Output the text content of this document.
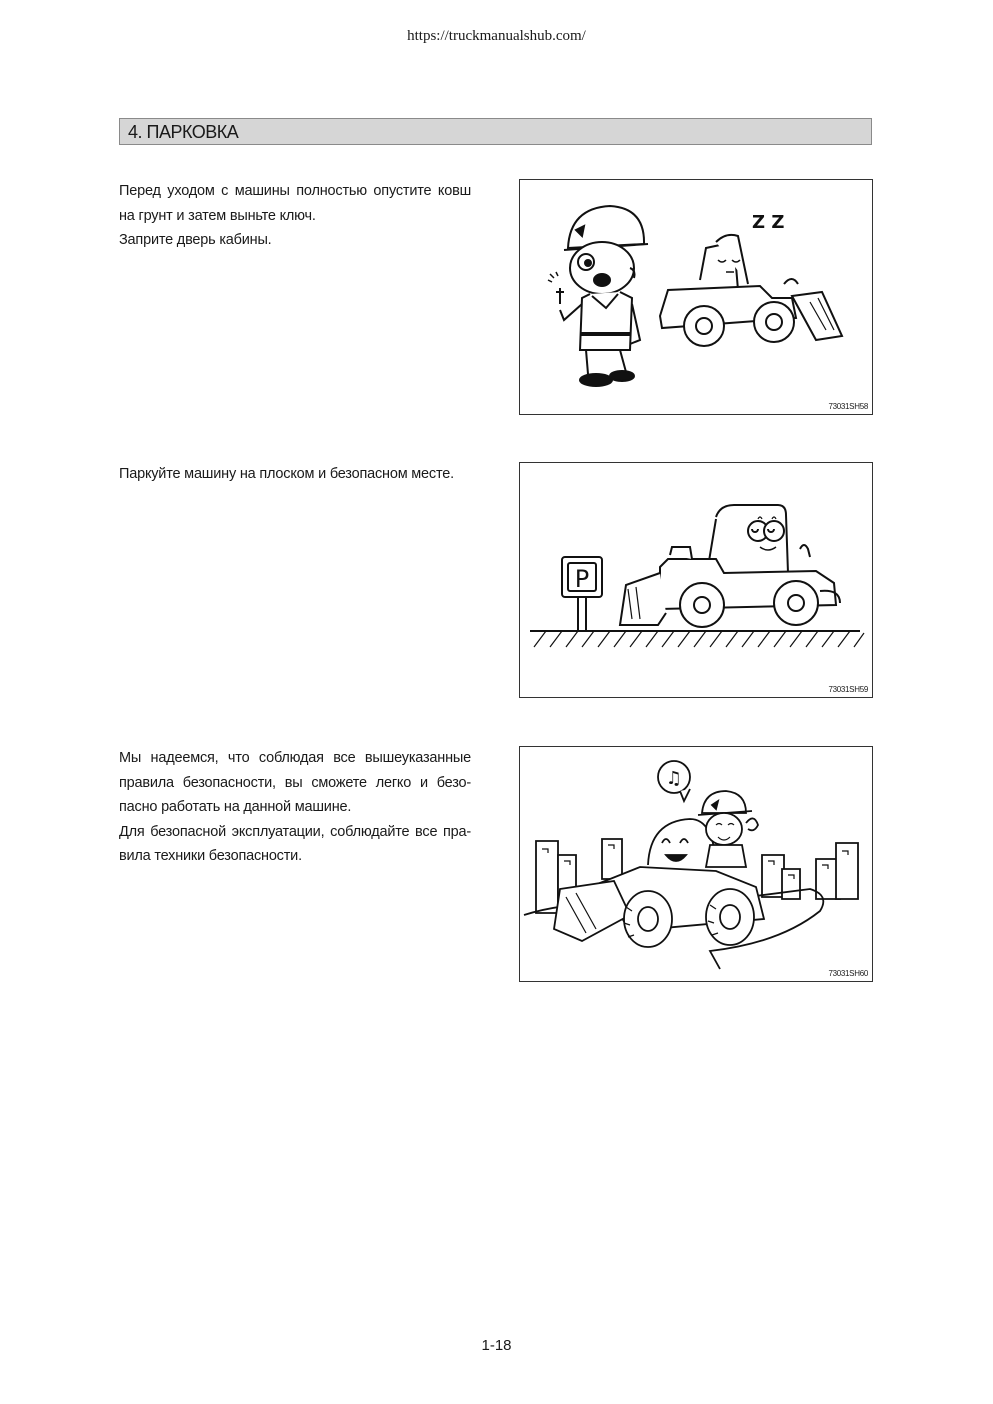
https://truckmanualshub.com/
4. ПАРКОВКА

Перед уходом с машины полностью опустите ковш

на грунт и затем выньте ключ.

Заприте дверь кабины.

Z Z
73031SH58

Паркуйте машину на плоском и безопасном месте.

P
73031SH59

Мы надеемся, что соблюдая все вышеуказанные

правила безопасности, вы сможете легко и безо-

пасно работать на данной машине.

Для безопасной эксплуатации, соблюдайте все пра-

вила техники безопасности.

♫
73031SH60
1-18
